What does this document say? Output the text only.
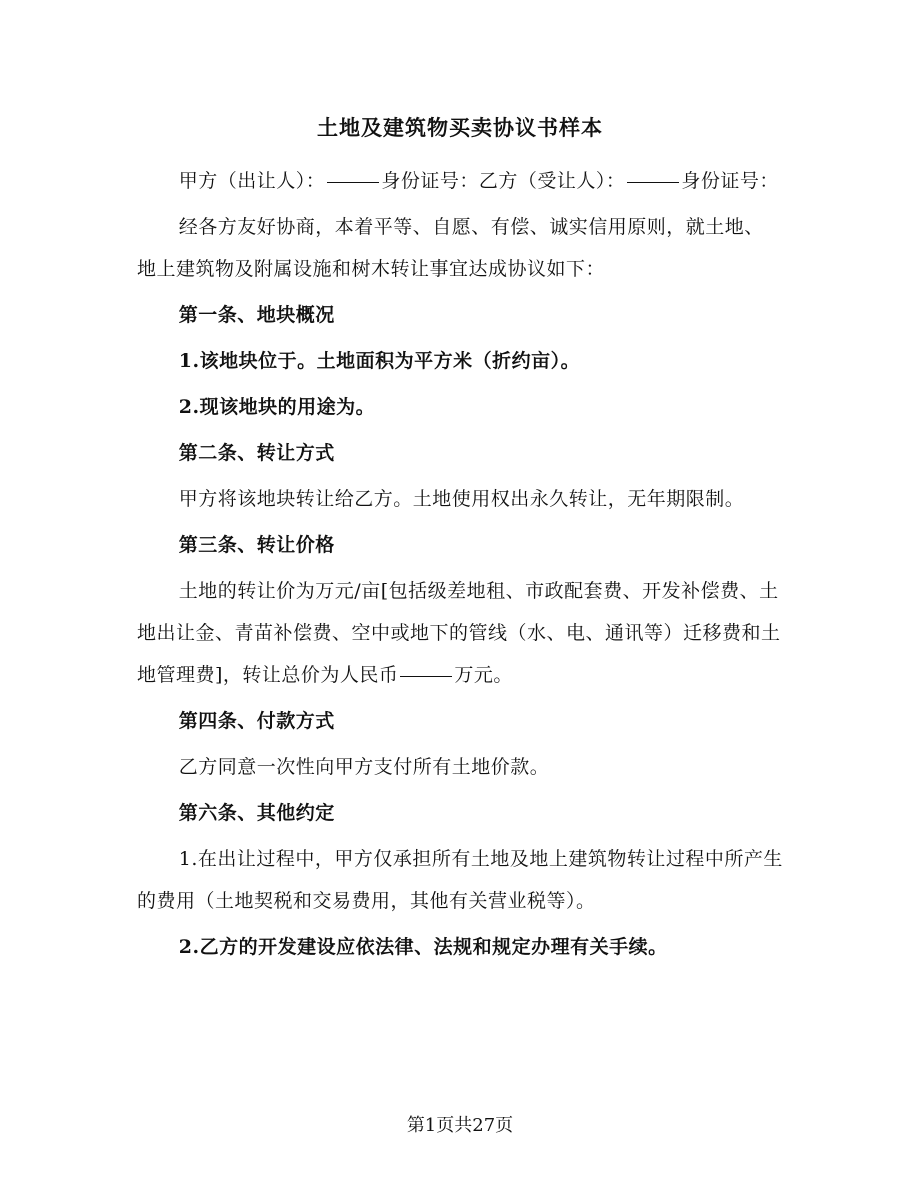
土地及建筑物买卖协议书样本

甲方（出让人）：	身份证号：乙方（受让人）：	身份证号：

经各方友好协商，本着平等、自愿、有偿、诚实信用原则，就土地、地上建筑物及附属设施和树木转让事宜达成协议如下：

第一条、地块概况

1.该地块位于。土地面积为平方米（折约亩）。

2.现该地块的用途为。

第二条、转让方式

甲方将该地块转让给乙方。土地使用权出永久转让，无年期限制。

第三条、转让价格

土地的转让价为万元/亩[包括级差地租、市政配套费、开发补偿费、土地出让金、青苗补偿费、空中或地下的管线（水、电、通讯等）迁移费和土地管理费]，转让总价为人民币	万元。

第四条、付款方式

乙方同意一次性向甲方支付所有土地价款。

第六条、其他约定

1.在出让过程中，甲方仅承担所有土地及地上建筑物转让过程中所产生的费用（土地契税和交易费用，其他有关营业税等）。

2.乙方的开发建设应依法律、法规和规定办理有关手续。

第1页共27页
